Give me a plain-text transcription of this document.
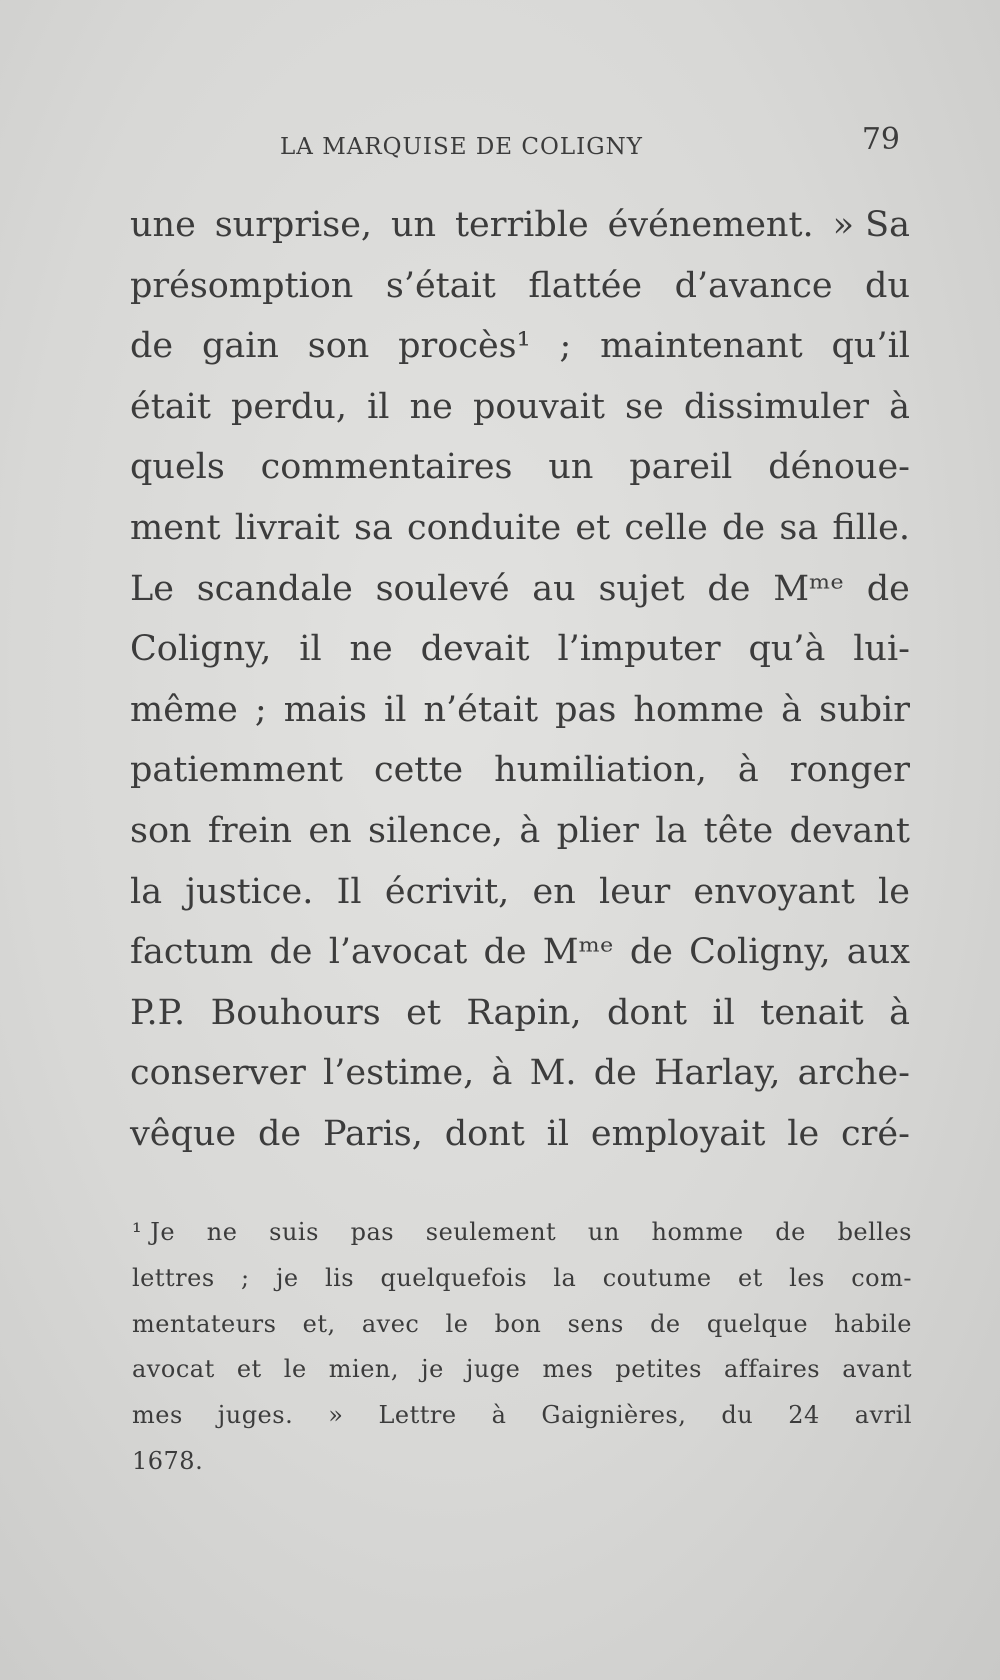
LA MARQUISE DE COLIGNY	79
une surprise, un terrible événement. » Sa
présomption s’était flattée d’avance du
de gain son procès¹ ; maintenant qu’il
était perdu, il ne pouvait se dissimuler à
quels commentaires un pareil dénoue-
ment livrait sa conduite et celle de sa fille.
Le scandale soulevé au sujet de Mᵐᵉ de
Coligny, il ne devait l’imputer qu’à lui-
même ; mais il n’était pas homme à subir
patiemment cette humiliation, à ronger
son frein en silence, à plier la tête devant
la justice. Il écrivit, en leur envoyant le
factum de l’avocat de Mᵐᵉ de Coligny, aux
P.P. Bouhours et Rapin, dont il tenait à
conserver l’estime, à M. de Harlay, arche-
vêque de Paris, dont il employait le cré-
¹ Je ne suis pas seulement un homme de belles
lettres ; je lis quelquefois la coutume et les com-
mentateurs et, avec le bon sens de quelque habile
avocat et le mien, je juge mes petites affaires avant
mes juges. » Lettre à Gaignières, du 24 avril
1678.
